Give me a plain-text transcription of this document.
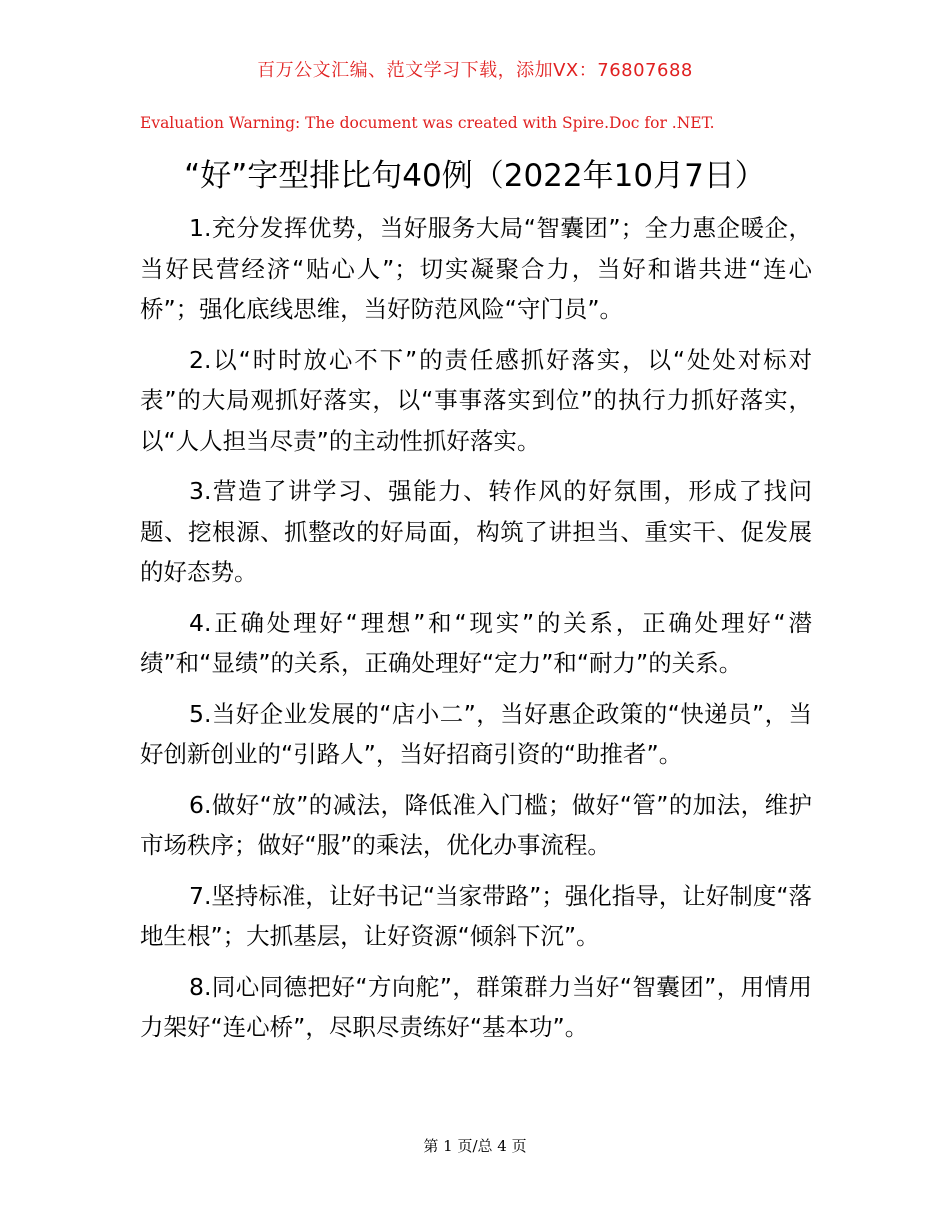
百万公文汇编、范文学习下载，添加VX：76807688
Evaluation Warning: The document was created with Spire.Doc for .NET.
“好”字型排比句40例（2022年10月7日）

1.充分发挥优势，当好服务大局“智囊团”；全力惠企暖企，当好民营经济“贴心人”；切实凝聚合力，当好和谐共进“连心桥”；强化底线思维，当好防范风险“守门员”。

2.以“时时放心不下”的责任感抓好落实，以“处处对标对表”的大局观抓好落实，以“事事落实到位”的执行力抓好落实，以“人人担当尽责”的主动性抓好落实。

3.营造了讲学习、强能力、转作风的好氛围，形成了找问题、挖根源、抓整改的好局面，构筑了讲担当、重实干、促发展的好态势。

4.正确处理好“理想”和“现实”的关系，正确处理好“潜绩”和“显绩”的关系，正确处理好“定力”和“耐力”的关系。

5.当好企业发展的“店小二”，当好惠企政策的“快递员”，当好创新创业的“引路人”，当好招商引资的“助推者”。

6.做好“放”的减法，降低准入门槛；做好“管”的加法，维护市场秩序；做好“服”的乘法，优化办事流程。

7.坚持标准，让好书记“当家带路”；强化指导，让好制度“落地生根”；大抓基层，让好资源“倾斜下沉”。

8.同心同德把好“方向舵”，群策群力当好“智囊团”，用情用力架好“连心桥”，尽职尽责练好“基本功”。

第 1 页/总 4 页
